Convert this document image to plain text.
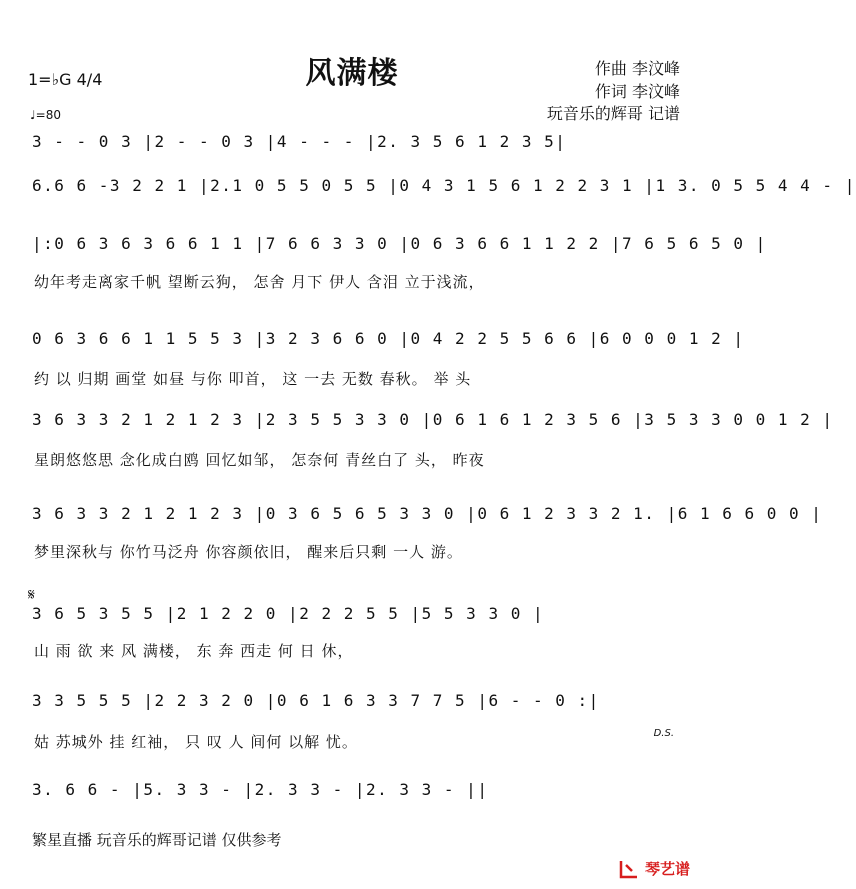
风满楼	作曲 李汶峰
作词 李汶峰
玩音乐的辉哥 记谱
1=♭G 4/4
♩=80
3 - - 0 3 |2 - - 0 3 |4 - - - |2. 3 5 6 1 2 3 5|
6.6 6 -3 2 2 1 |2.1 0 5 5 0 5 5 |0 4 3 1 5 6 1 2 2 3 1 |1 3. 0 5 5 4 4 - |
|:0 6 3 6 3 6 6 1 1 |7 6 6 3 3 0 |0 6 3 6 6 1 1 2 2 |7 6 5 6 5 0 |
幼年考走离家千帆 望断云狗， 怎舍 月下 伊人 含泪 立于浅流，
0 6 3 6 6 1 1 5 5 3 |3 2 3 6 6 0 |0 4 2 2 5 5 6 6 |6 0 0 0 1 2 |
约 以 归期 画堂 如昼 与你 叩首， 这 一去 无数 春秋。 举 头
3 6 3 3 2 1 2 1 2 3 |2 3 5 5 3 3 0 |0 6 1 6 1 2 3 5 6 |3 5 3 3 0 0 1 2 |
星朗悠悠思 念化成白鸥 回忆如邹， 怎奈何 青丝白了 头， 昨夜
3 6 3 3 2 1 2 1 2 3 |0 3 6 5 6 5 3 3 0 |0 6 1 2 3 3 2 1. |6 1 6 6 0 0 |
梦里深秋与 你竹马泛舟 你容颜依旧， 醒来后只剩 一人 游。
𝄋
3 6 5 3 5 5 |2 1 2 2 0 |2 2 2 5 5 |5 5 3 3 0 |
山 雨 欲 来 风 满楼， 东 奔 西走 何 日 休，
3 3 5 5 5 |2 2 3 2 0 |0 6 1 6 3 3 7 7 5 |6 - - 0 :|
姑 苏城外 挂 红袖， 只 叹 人 间何 以解 忧。	D.S.
3. 6 6 - |5. 3 3 - |2. 3 3 - |2. 3 3 - ||
繁星直播 玩音乐的辉哥记谱 仅供参考
琴艺谱
